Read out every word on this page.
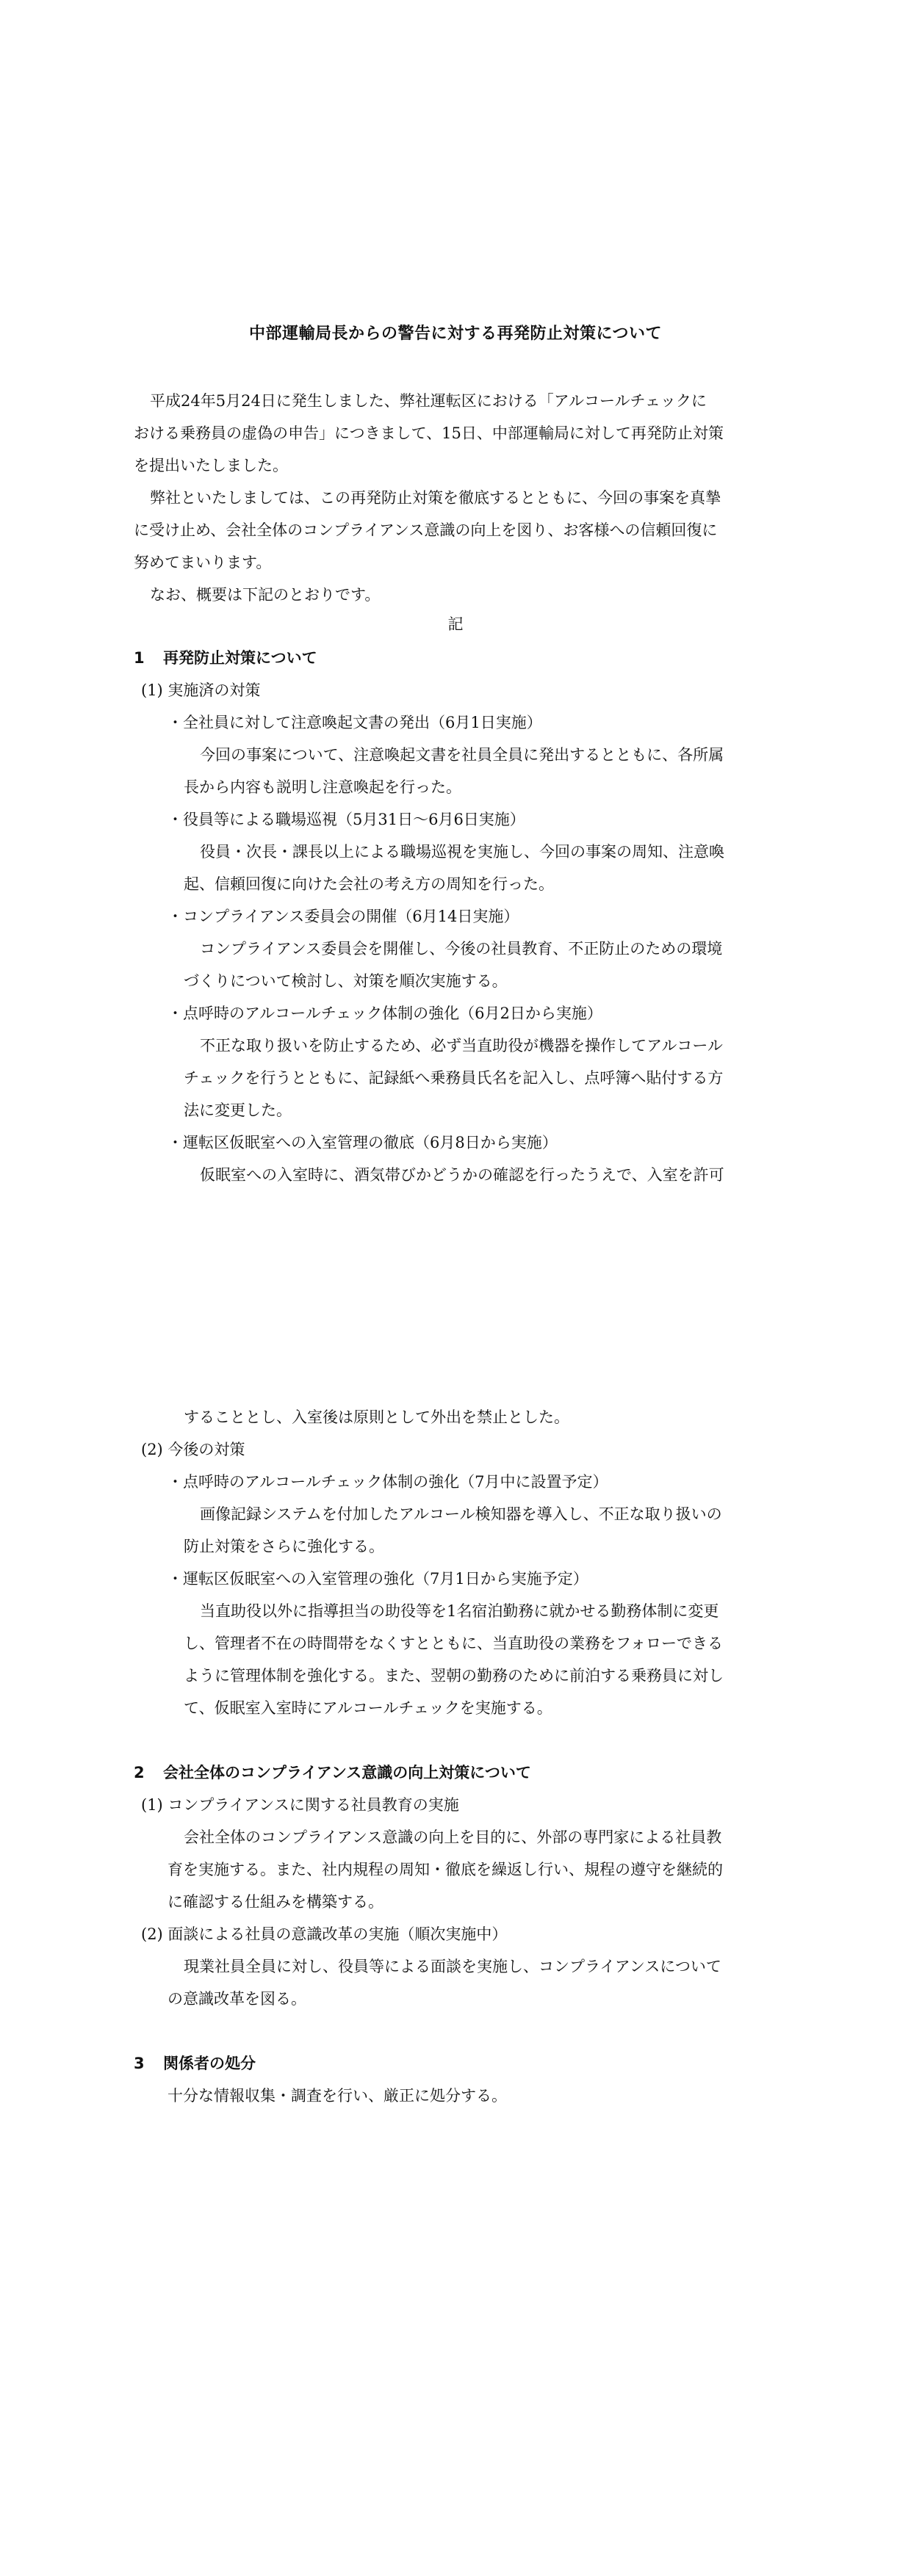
中部運輸局長からの警告に対する再発防止対策について
平成24年5月24日に発生しました、弊社運転区における「アルコールチェックに
おける乗務員の虚偽の申告」につきまして、15日、中部運輸局に対して再発防止対策
を提出いたしました。
弊社といたしましては、この再発防止対策を徹底するとともに、今回の事案を真摯
に受け止め、会社全体のコンプライアンス意識の向上を図り、お客様への信頼回復に
努めてまいります。
なお、概要は下記のとおりです。
記
1 再発防止対策について
(1) 実施済の対策
・全社員に対して注意喚起文書の発出（6月1日実施）
今回の事案について、注意喚起文書を社員全員に発出するとともに、各所属
長から内容も説明し注意喚起を行った。
・役員等による職場巡視（5月31日〜6月6日実施）
役員・次長・課長以上による職場巡視を実施し、今回の事案の周知、注意喚
起、信頼回復に向けた会社の考え方の周知を行った。
・コンプライアンス委員会の開催（6月14日実施）
コンプライアンス委員会を開催し、今後の社員教育、不正防止のための環境
づくりについて検討し、対策を順次実施する。
・点呼時のアルコールチェック体制の強化（6月2日から実施）
不正な取り扱いを防止するため、必ず当直助役が機器を操作してアルコール
チェックを行うとともに、記録紙へ乗務員氏名を記入し、点呼簿へ貼付する方
法に変更した。
・運転区仮眠室への入室管理の徹底（6月8日から実施）
仮眠室への入室時に、酒気帯びかどうかの確認を行ったうえで、入室を許可
することとし、入室後は原則として外出を禁止とした。
(2) 今後の対策
・点呼時のアルコールチェック体制の強化（7月中に設置予定）
画像記録システムを付加したアルコール検知器を導入し、不正な取り扱いの
防止対策をさらに強化する。
・運転区仮眠室への入室管理の強化（7月1日から実施予定）
当直助役以外に指導担当の助役等を1名宿泊勤務に就かせる勤務体制に変更
し、管理者不在の時間帯をなくすとともに、当直助役の業務をフォローできる
ように管理体制を強化する。また、翌朝の勤務のために前泊する乗務員に対し
て、仮眠室入室時にアルコールチェックを実施する。
2 会社全体のコンプライアンス意識の向上対策について
(1) コンプライアンスに関する社員教育の実施
会社全体のコンプライアンス意識の向上を目的に、外部の専門家による社員教
育を実施する。また、社内規程の周知・徹底を繰返し行い、規程の遵守を継続的
に確認する仕組みを構築する。
(2) 面談による社員の意識改革の実施（順次実施中）
現業社員全員に対し、役員等による面談を実施し、コンプライアンスについて
の意識改革を図る。
3 関係者の処分
十分な情報収集・調査を行い、厳正に処分する。
